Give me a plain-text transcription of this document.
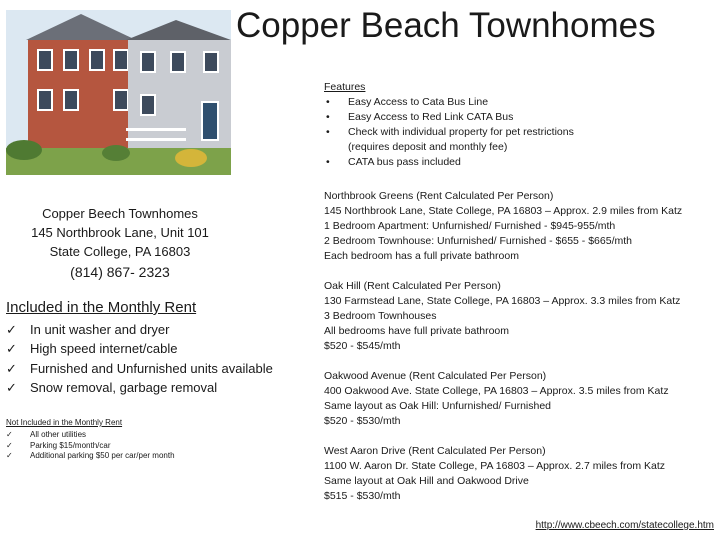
Copper Beach Townhomes
Copper Beech Townhomes
145 Northbrook Lane, Unit 101
State College, PA 16803
(814) 867- 2323
Included in the Monthly Rent
✓	In unit washer and dryer
✓	High speed internet/cable
✓	Furnished and Unfurnished units available
✓	Snow removal, garbage removal
Not Included in the Monthly Rent
✓	All other utilities
✓	Parking $15/month/car
✓	Additional parking $50 per car/per month
Features
•	Easy Access to Cata Bus Line
•	Easy Access to Red Link CATA Bus
•	Check with individual property for pet restrictions
(requires deposit and monthly fee)
•	CATA bus pass included
Northbrook Greens (Rent Calculated Per Person)
145 Northbrook Lane, State College, PA 16803 – Approx. 2.9 miles from Katz
1 Bedroom Apartment: Unfurnished/ Furnished - $945-955/mth
2 Bedroom Townhouse: Unfurnished/ Furnished - $655 - $665/mth
Each bedroom has a full private bathroom
Oak Hill (Rent Calculated Per Person)
130 Farmstead Lane, State College, PA 16803 – Approx. 3.3 miles from Katz
3 Bedroom Townhouses
All bedrooms have full private bathroom
$520 - $545/mth
Oakwood Avenue (Rent Calculated Per Person)
400 Oakwood Ave. State College, PA 16803 – Approx. 3.5 miles from Katz
Same layout as Oak Hill: Unfurnished/ Furnished
$520 - $530/mth
West Aaron Drive (Rent Calculated Per Person)
1100 W. Aaron Dr. State College, PA 16803 – Approx. 2.7 miles from Katz
Same layout at Oak Hill and Oakwood Drive
$515 - $530/mth
http://www.cbeech.com/statecollege.htm
